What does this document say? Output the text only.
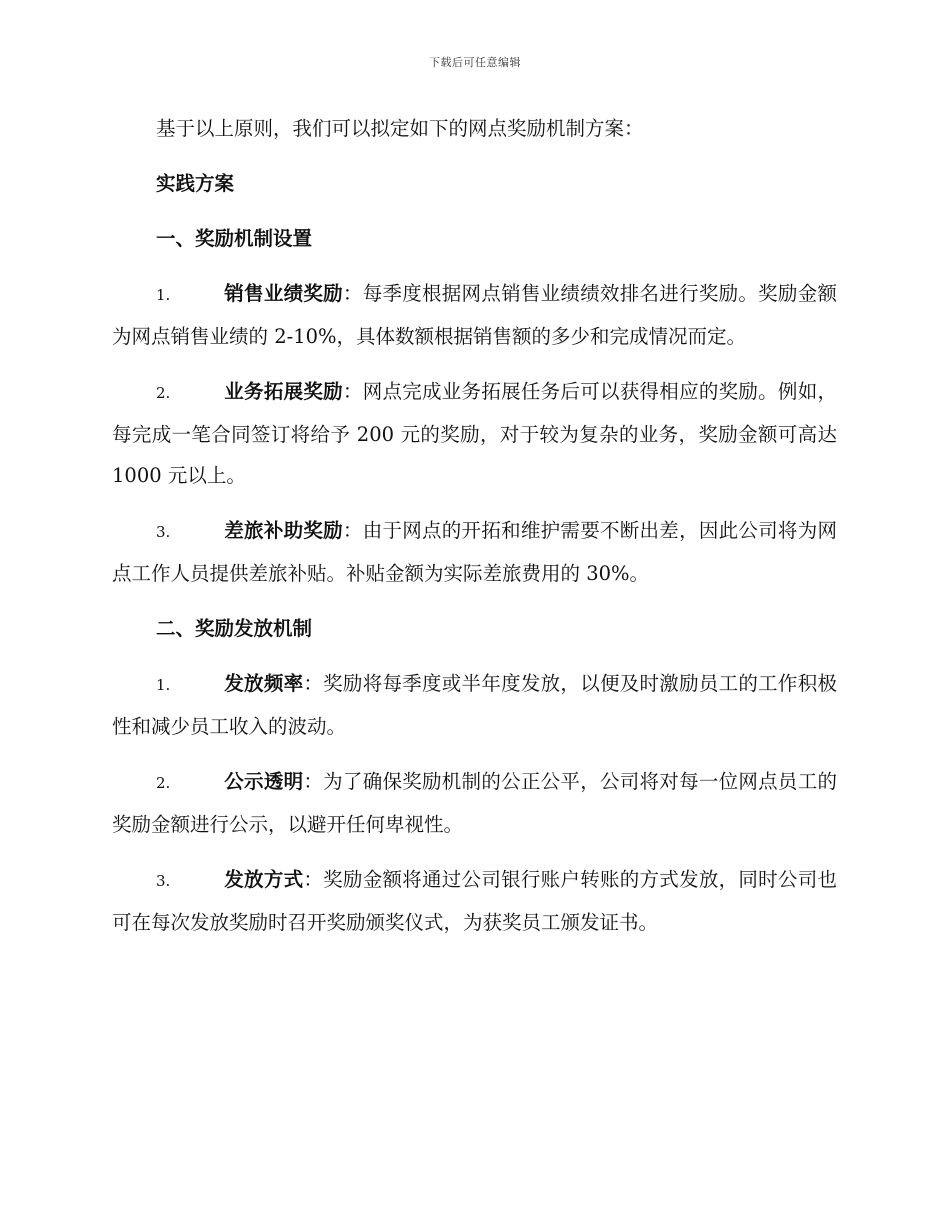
下载后可任意编辑

基于以上原则，我们可以拟定如下的网点奖励机制方案：

实践方案

一、奖励机制设置

1.	销售业绩奖励：每季度根据网点销售业绩绩效排名进行奖励。奖励金额为网点销售业绩的 2-10%，具体数额根据销售额的多少和完成情况而定。

2.	业务拓展奖励：网点完成业务拓展任务后可以获得相应的奖励。例如，每完成一笔合同签订将给予 200 元的奖励，对于较为复杂的业务，奖励金额可高达 1000 元以上。

3.	差旅补助奖励：由于网点的开拓和维护需要不断出差，因此公司将为网点工作人员提供差旅补贴。补贴金额为实际差旅费用的 30%。

二、奖励发放机制

1.	发放频率：奖励将每季度或半年度发放，以便及时激励员工的工作积极性和减少员工收入的波动。

2.	公示透明：为了确保奖励机制的公正公平，公司将对每一位网点员工的奖励金额进行公示，以避开任何卑视性。

3.	发放方式：奖励金额将通过公司银行账户转账的方式发放，同时公司也可在每次发放奖励时召开奖励颁奖仪式，为获奖员工颁发证书。
